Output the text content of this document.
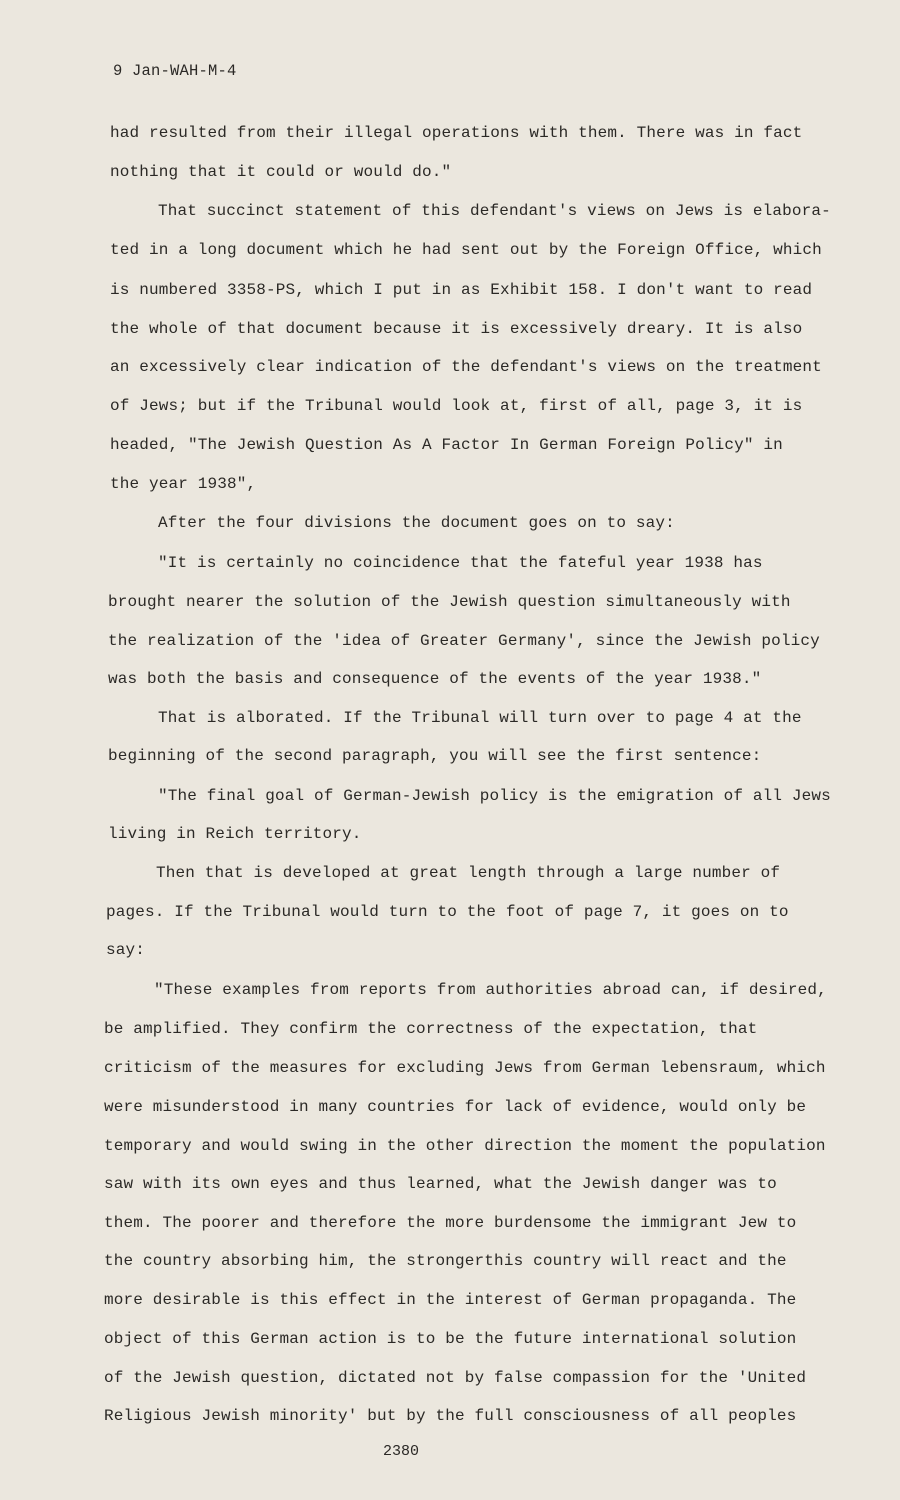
9 Jan-WAH-M-4
had resulted from their illegal operations with them. There was in fact
nothing that it could or would do."
That succinct statement of this defendant's views on Jews is elabora-
ted in a long document which he had sent out by the Foreign Office, which
is numbered 3358-PS, which I put in as Exhibit 158. I don't want to read
the whole of that document because it is excessively dreary. It is also
an excessively clear indication of the defendant's views on the treatment
of Jews; but if the Tribunal would look at, first of all, page 3, it is
headed, "The Jewish Question As A Factor In German Foreign Policy" in
the year 1938",
After the four divisions the document goes on to say:
"It is certainly no coincidence that the fateful year 1938 has
brought nearer the solution of the Jewish question simultaneously with
the realization of the 'idea of Greater Germany', since the Jewish policy
was both the basis and consequence of the events of the year 1938."
That is alborated. If the Tribunal will turn over to page 4 at the
beginning of the second paragraph, you will see the first sentence:
"The final goal of German-Jewish policy is the emigration of all Jews
living in Reich territory.
Then that is developed at great length through a large number of
pages. If the Tribunal would turn to the foot of page 7, it goes on to
say:
"These examples from reports from authorities abroad can, if desired,
be amplified. They confirm the correctness of the expectation, that
criticism of the measures for excluding Jews from German lebensraum, which
were misunderstood in many countries for lack of evidence, would only be
temporary and would swing in the other direction the moment the population
saw with its own eyes and thus learned, what the Jewish danger was to
them. The poorer and therefore the more burdensome the immigrant Jew to
the country absorbing him, the strongerthis country will react and the
more desirable is this effect in the interest of German propaganda. The
object of this German action is to be the future international solution
of the Jewish question, dictated not by false compassion for the 'United
Religious Jewish minority' but by the full consciousness of all peoples
2380
